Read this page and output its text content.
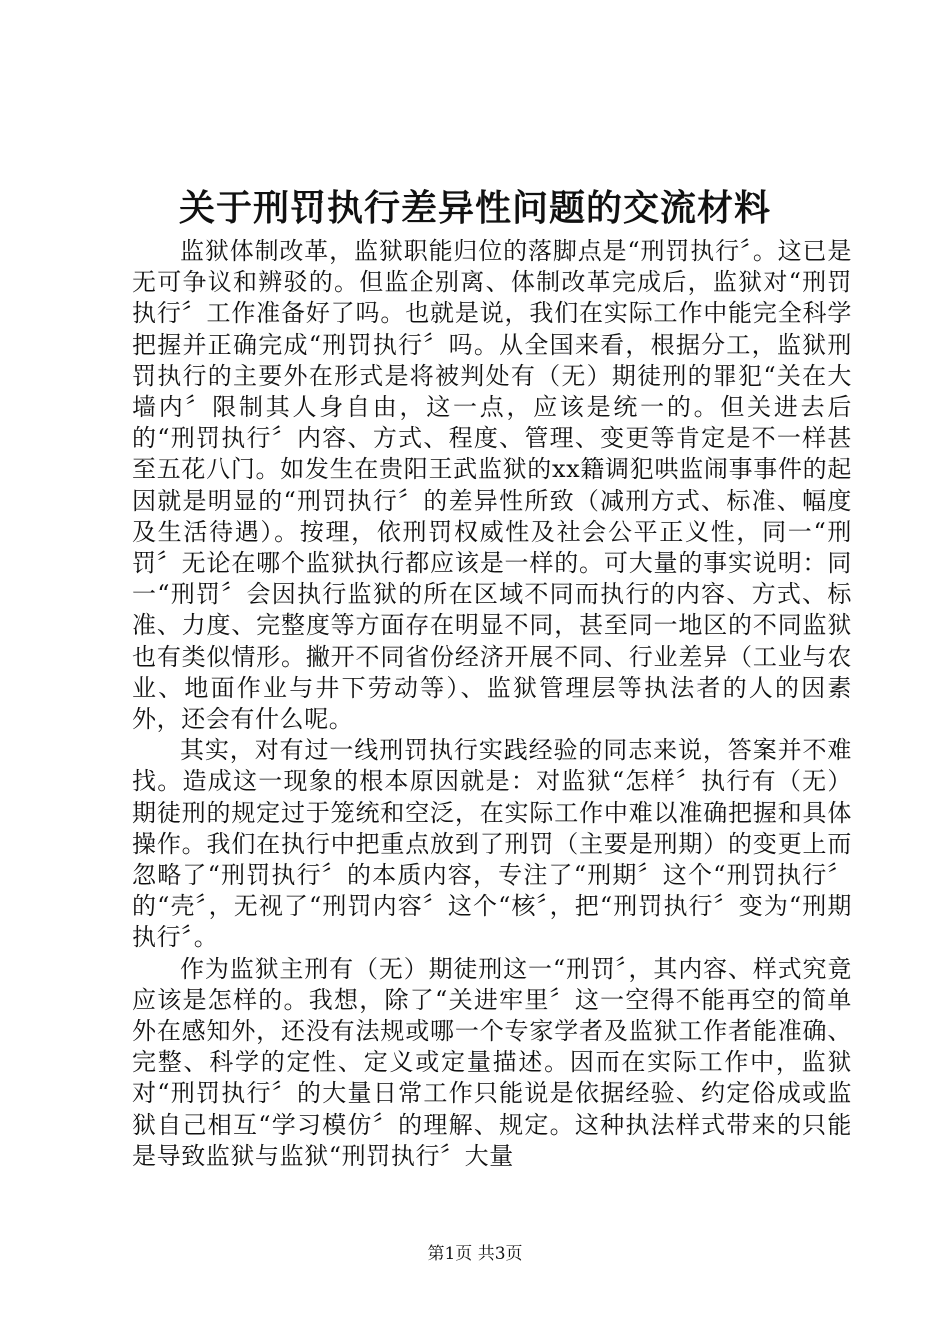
关于刑罚执行差异性问题的交流材料

监狱体制改革，监狱职能归位的落脚点是“刑罚执行〞。这已是无可争议和辨驳的。但监企别离、体制改革完成后，监狱对“刑罚执行〞工作准备好了吗。也就是说，我们在实际工作中能完全科学把握并正确完成“刑罚执行〞吗。从全国来看，根据分工，监狱刑罚执行的主要外在形式是将被判处有（无）期徒刑的罪犯“关在大墙内〞限制其人身自由，这一点，应该是统一的。但关进去后的“刑罚执行〞内容、方式、程度、管理、变更等肯定是不一样甚至五花八门。如发生在贵阳王武监狱的xx籍调犯哄监闹事事件的起因就是明显的“刑罚执行〞的差异性所致（减刑方式、标准、幅度及生活待遇）。按理，依刑罚权威性及社会公平正义性，同一“刑罚〞无论在哪个监狱执行都应该是一样的。可大量的事实说明：同一“刑罚〞会因执行监狱的所在区域不同而执行的内容、方式、标准、力度、完整度等方面存在明显不同，甚至同一地区的不同监狱也有类似情形。撇开不同省份经济开展不同、行业差异（工业与农业、地面作业与井下劳动等）、监狱管理层等执法者的人的因素外，还会有什么呢。

其实，对有过一线刑罚执行实践经验的同志来说，答案并不难找。造成这一现象的根本原因就是：对监狱“怎样〞执行有（无）期徒刑的规定过于笼统和空泛，在实际工作中难以准确把握和具体操作。我们在执行中把重点放到了刑罚（主要是刑期）的变更上而忽略了“刑罚执行〞的本质内容，专注了“刑期〞这个“刑罚执行〞的“壳〞，无视了“刑罚内容〞这个“核〞，把“刑罚执行〞变为“刑期执行〞。

作为监狱主刑有（无）期徒刑这一“刑罚〞，其内容、样式究竟应该是怎样的。我想，除了“关进牢里〞这一空得不能再空的简单外在感知外，还没有法规或哪一个专家学者及监狱工作者能准确、完整、科学的定性、定义或定量描述。因而在实际工作中，监狱对“刑罚执行〞的大量日常工作只能说是依据经验、约定俗成或监狱自己相互“学习模仿〞的理解、规定。这种执法样式带来的只能是导致监狱与监狱“刑罚执行〞大量

第1页 共3页
